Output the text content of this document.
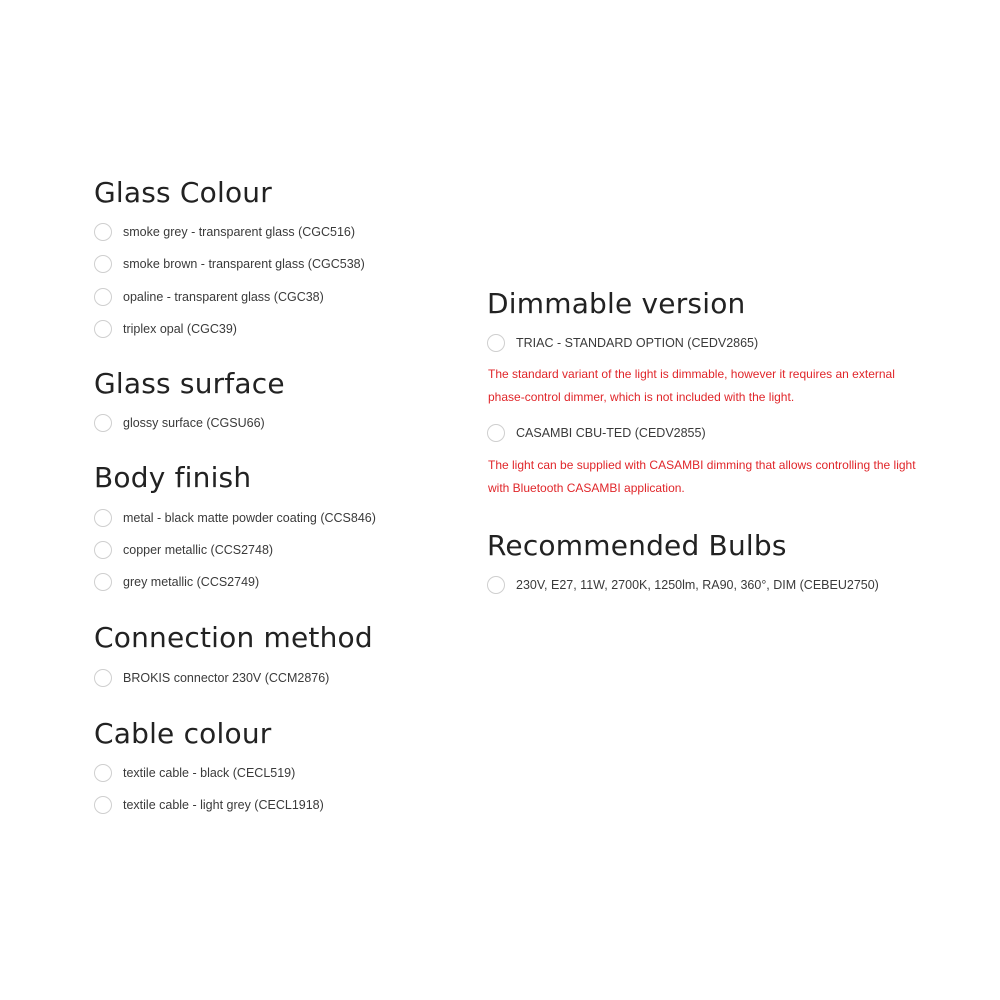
Glass Colour
smoke grey - transparent glass (CGC516)
smoke brown - transparent glass (CGC538)
opaline - transparent glass (CGC38)
triplex opal (CGC39)
Glass surface
glossy surface (CGSU66)
Body finish
metal - black matte powder coating (CCS846)
copper metallic (CCS2748)
grey metallic (CCS2749)
Connection method
BROKIS connector 230V (CCM2876)
Cable colour
textile cable - black (CECL519)
textile cable - light grey (CECL1918)
Dimmable version
TRIAC - STANDARD OPTION (CEDV2865)
The standard variant of the light is dimmable, however it requires an external
phase-control dimmer, which is not included with the light.
CASAMBI CBU-TED (CEDV2855)
The light can be supplied with CASAMBI dimming that allows controlling the light
with Bluetooth CASAMBI application.
Recommended Bulbs
230V, E27, 11W, 2700K, 1250lm, RA90, 360°, DIM (CEBEU2750)
